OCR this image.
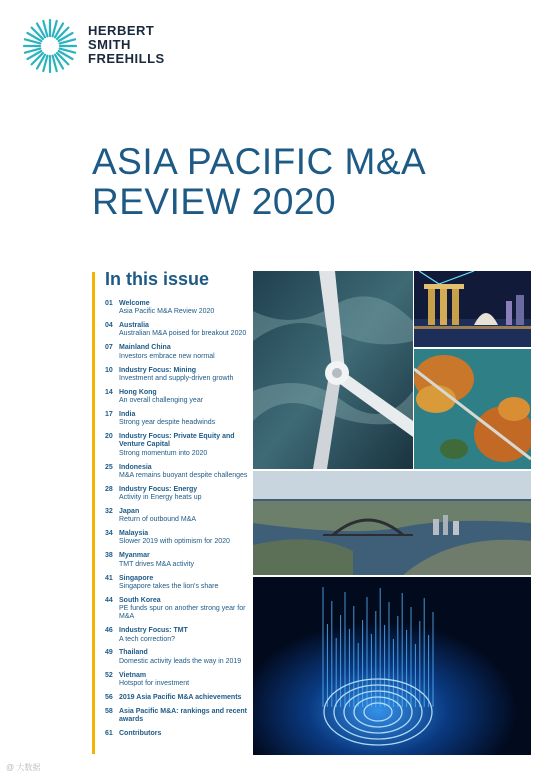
HERBERT
SMITH
FREEHILLS
ASIA PACIFIC M&A
REVIEW 2020
In this issue
01 Welcome
Asia Pacific M&A Review 2020
04 Australia
Australian M&A poised for breakout 2020
07 Mainland China
Investors embrace new normal
10 Industry Focus: Mining
Investment and supply-driven growth
14 Hong Kong
An overall challenging year
17 India
Strong year despite headwinds
20 Industry Focus: Private Equity and Venture Capital
Strong momentum into 2020
25 Indonesia
M&A remains buoyant despite challenges
28 Industry Focus: Energy
Activity in Energy heats up
32 Japan
Return of outbound M&A
34 Malaysia
Slower 2019 with optimism for 2020
38 Myanmar
TMT drives M&A activity
41 Singapore
Singapore takes the lion's share
44 South Korea
PE funds spur on another strong year for M&A
46 Industry Focus: TMT
A tech correction?
49 Thailand
Domestic activity leads the way in 2019
52 Vietnam
Hotspot for investment
56 2019 Asia Pacific M&A achievements
58 Asia Pacific M&A: rankings and recent awards
61 Contributors
@ 大数据
